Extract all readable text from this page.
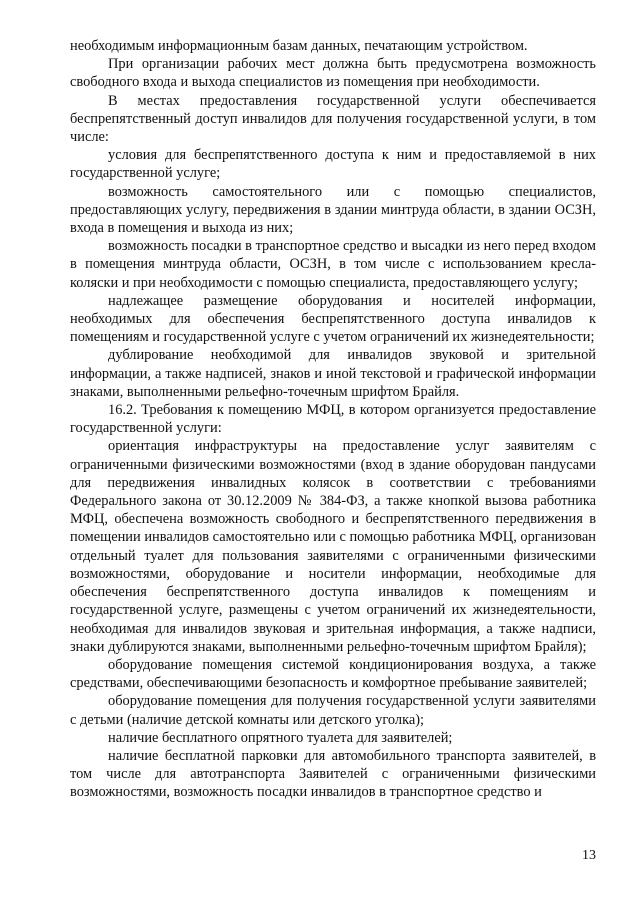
необходимым информационным базам данных, печатающим устройством.

При организации рабочих мест должна быть предусмотрена возможность свободного входа и выхода специалистов из помещения при необходимости.

В местах предоставления государственной услуги обеспечивается беспрепятственный доступ инвалидов для получения государственной услуги, в том числе:

условия для беспрепятственного доступа к ним и предоставляемой в них государственной услуге;

возможность самостоятельного или с помощью специалистов, предоставляющих услугу, передвижения в здании минтруда области, в здании ОСЗН, входа в помещения и выхода из них;

возможность посадки в транспортное средство и высадки из него перед входом в помещения минтруда области, ОСЗН, в том числе с использованием кресла-коляски и при необходимости с помощью специалиста, предоставляющего услугу;

надлежащее размещение оборудования и носителей информации, необходимых для обеспечения беспрепятственного доступа инвалидов к помещениям и государственной услуге с учетом ограничений их жизнедеятельности;

дублирование необходимой для инвалидов звуковой и зрительной информации, а также надписей, знаков и иной текстовой и графической информации знаками, выполненными рельефно-точечным шрифтом Брайля.

16.2. Требования к помещению МФЦ, в котором организуется предоставление государственной услуги:

ориентация инфраструктуры на предоставление услуг заявителям с ограниченными физическими возможностями (вход в здание оборудован пандусами для передвижения инвалидных колясок в соответствии с требованиями Федерального закона от 30.12.2009 № 384-ФЗ, а также кнопкой вызова работника МФЦ, обеспечена возможность свободного и беспрепятственного передвижения в помещении инвалидов самостоятельно или с помощью работника МФЦ, организован отдельный туалет для пользования заявителями с ограниченными физическими возможностями, оборудование и носители информации, необходимые для обеспечения беспрепятственного доступа инвалидов к помещениям и государственной услуге, размещены с учетом ограничений их жизнедеятельности, необходимая для инвалидов звуковая и зрительная информация, а также надписи, знаки дублируются знаками, выполненными рельефно-точечным шрифтом Брайля);

оборудование помещения системой кондиционирования воздуха, а также средствами, обеспечивающими безопасность и комфортное пребывание заявителей;

оборудование помещения для получения государственной услуги заявителями с детьми (наличие детской комнаты или детского уголка);

наличие бесплатного опрятного туалета для заявителей;

наличие бесплатной парковки для автомобильного транспорта заявителей, в том числе для автотранспорта Заявителей с ограниченными физическими возможностями, возможность посадки инвалидов в транспортное средство и

13
